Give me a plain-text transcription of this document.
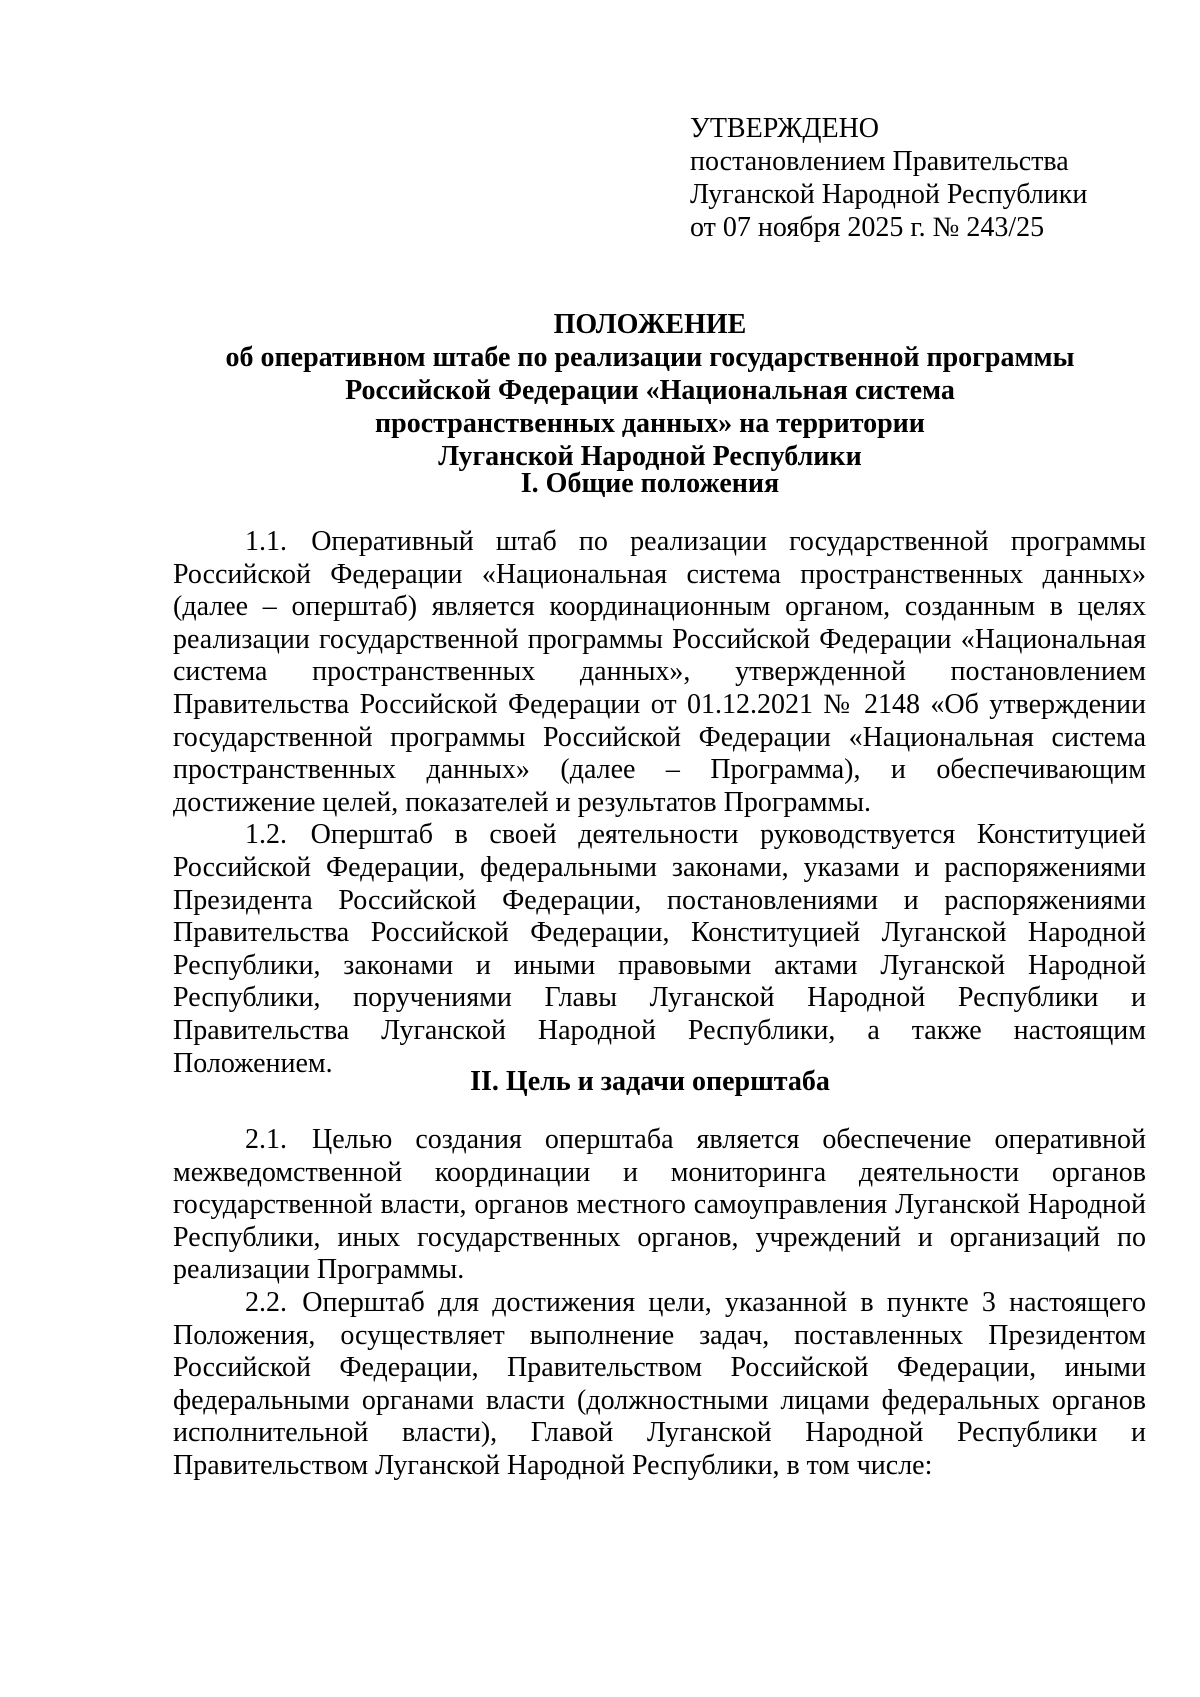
УТВЕРЖДЕНО
постановлением Правительства
Луганской Народной Республики
от 07 ноября 2025 г. № 243/25
ПОЛОЖЕНИЕ
об оперативном штабе по реализации государственной программы
Российской Федерации «Национальная система
пространственных данных» на территории
Луганской Народной Республики
I. Общие положения

1.1. Оперативный штаб по реализации государственной программы Российской Федерации «Национальная система пространственных данных» (далее – оперштаб) является координационным органом, созданным в целях реализации государственной программы Российской Федерации «Национальная система пространственных данных», утвержденной постановлением Правительства Российской Федерации от 01.12.2021 № 2148 «Об утверждении государственной программы Российской Федерации «Национальная система пространственных данных» (далее – Программа), и обеспечивающим достижение целей, показателей и результатов Программы.

1.2. Оперштаб в своей деятельности руководствуется Конституцией Российской Федерации, федеральными законами, указами и распоряжениями Президента Российской Федерации, постановлениями и распоряжениями Правительства Российской Федерации, Конституцией Луганской Народной Республики, законами и иными правовыми актами Луганской Народной Республики, поручениями Главы Луганской Народной Республики и Правительства Луганской Народной Республики, а также настоящим Положением.

II. Цель и задачи оперштаба

2.1. Целью создания оперштаба является обеспечение оперативной межведомственной координации и мониторинга деятельности органов государственной власти, органов местного самоуправления Луганской Народной Республики, иных государственных органов, учреждений и организаций по реализации Программы.

2.2. Оперштаб для достижения цели, указанной в пункте 3 настоящего Положения, осуществляет выполнение задач, поставленных Президентом Российской Федерации, Правительством Российской Федерации, иными федеральными органами власти (должностными лицами федеральных органов исполнительной власти), Главой Луганской Народной Республики и Правительством Луганской Народной Республики, в том числе:
